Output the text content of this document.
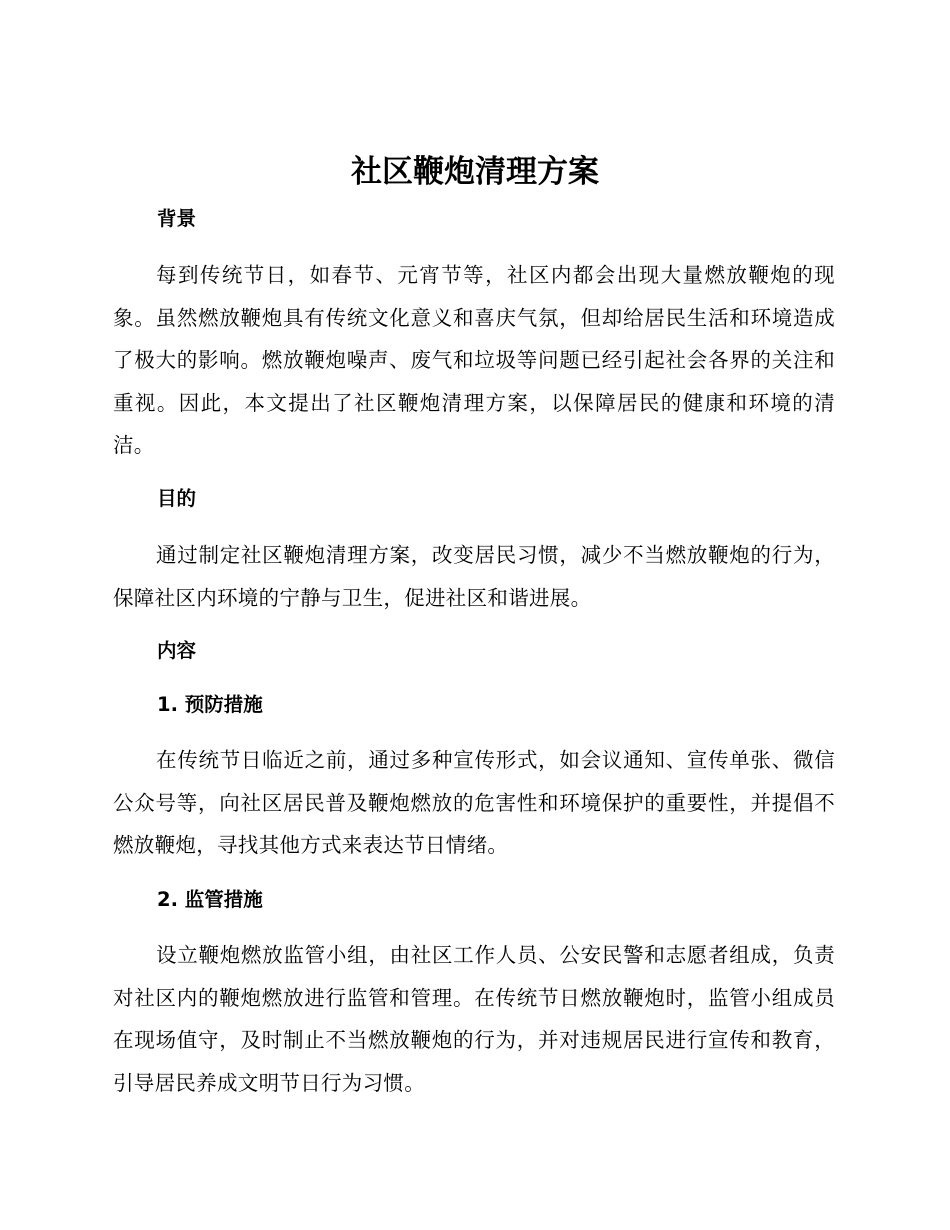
社区鞭炮清理方案
背景

每到传统节日，如春节、元宵节等，社区内都会出现大量燃放鞭炮的现象。虽然燃放鞭炮具有传统文化意义和喜庆气氛，但却给居民生活和环境造成了极大的影响。燃放鞭炮噪声、废气和垃圾等问题已经引起社会各界的关注和重视。因此，本文提出了社区鞭炮清理方案，以保障居民的健康和环境的清洁。

目的

通过制定社区鞭炮清理方案，改变居民习惯，减少不当燃放鞭炮的行为，保障社区内环境的宁静与卫生，促进社区和谐进展。

内容
1. 预防措施

在传统节日临近之前，通过多种宣传形式，如会议通知、宣传单张、微信公众号等，向社区居民普及鞭炮燃放的危害性和环境保护的重要性，并提倡不燃放鞭炮，寻找其他方式来表达节日情绪。

2. 监管措施

设立鞭炮燃放监管小组，由社区工作人员、公安民警和志愿者组成，负责对社区内的鞭炮燃放进行监管和管理。在传统节日燃放鞭炮时，监管小组成员在现场值守，及时制止不当燃放鞭炮的行为，并对违规居民进行宣传和教育，引导居民养成文明节日行为习惯。
